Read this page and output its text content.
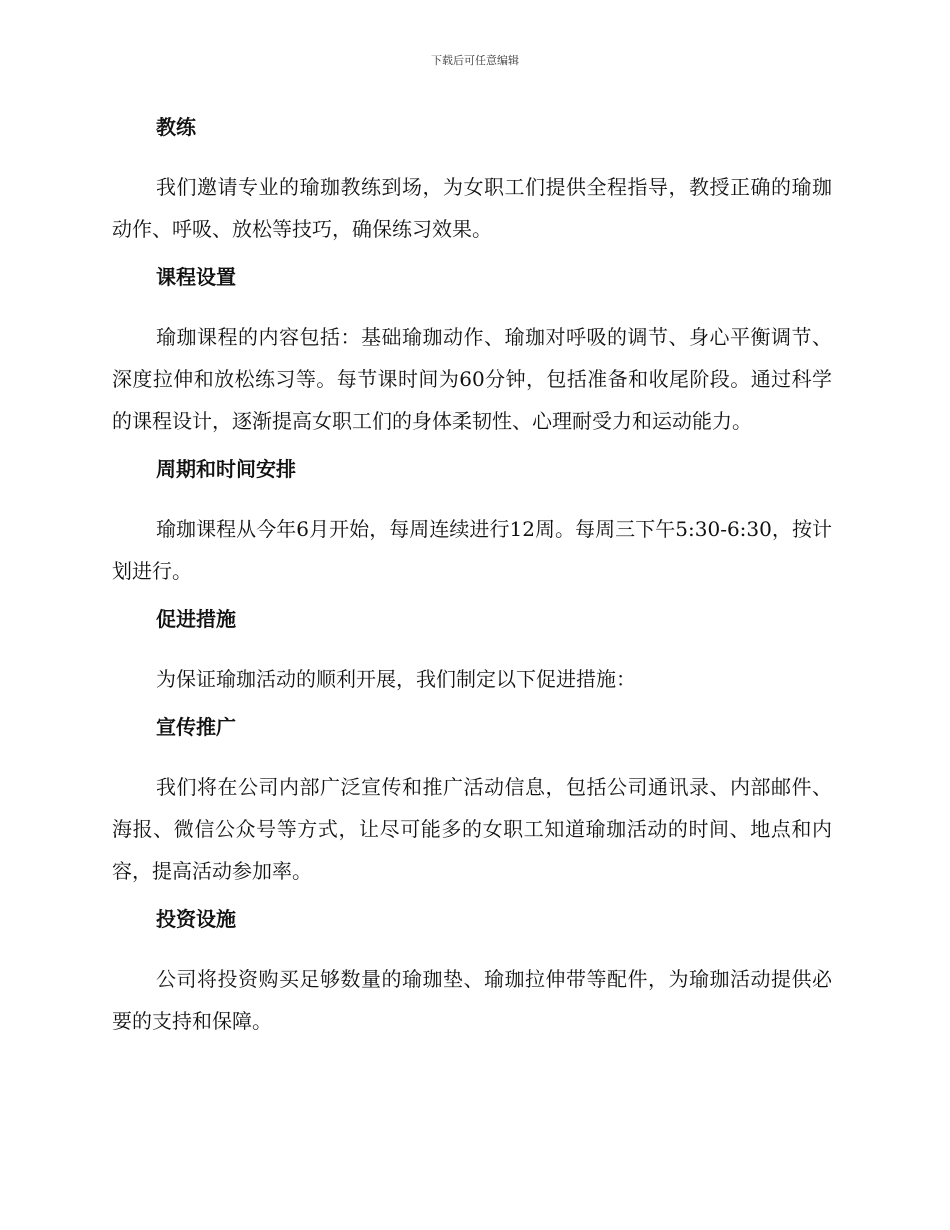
下载后可任意编辑
教练

我们邀请专业的瑜珈教练到场，为女职工们提供全程指导，教授正确的瑜珈动作、呼吸、放松等技巧，确保练习效果。

课程设置

瑜珈课程的内容包括：基础瑜珈动作、瑜珈对呼吸的调节、身心平衡调节、深度拉伸和放松练习等。每节课时间为60分钟，包括准备和收尾阶段。通过科学的课程设计，逐渐提高女职工们的身体柔韧性、心理耐受力和运动能力。

周期和时间安排

瑜珈课程从今年6月开始，每周连续进行12周。每周三下午5:30-6:30，按计划进行。

促进措施

为保证瑜珈活动的顺利开展，我们制定以下促进措施：

宣传推广

我们将在公司内部广泛宣传和推广活动信息，包括公司通讯录、内部邮件、海报、微信公众号等方式，让尽可能多的女职工知道瑜珈活动的时间、地点和内容，提高活动参加率。

投资设施

公司将投资购买足够数量的瑜珈垫、瑜珈拉伸带等配件，为瑜珈活动提供必要的支持和保障。
